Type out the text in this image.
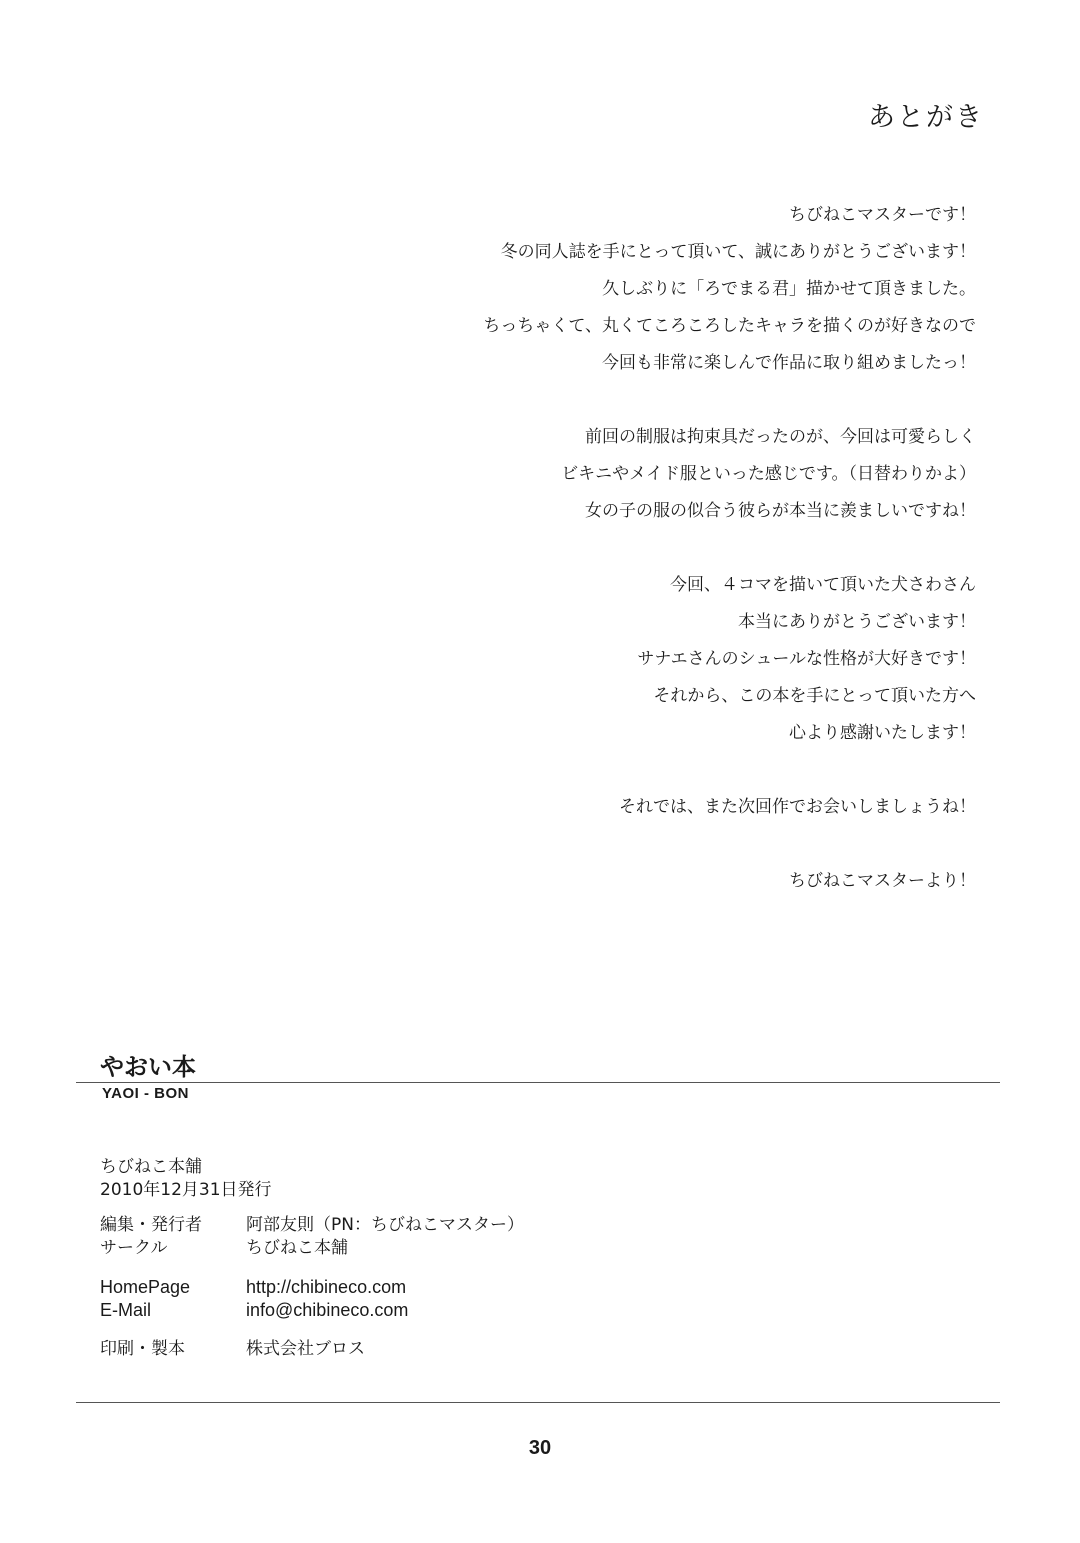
あとがき
ちびねこマスターです！
冬の同人誌を手にとって頂いて、誠にありがとうございます！
久しぶりに「ろでまる君」描かせて頂きました。
ちっちゃくて、丸くてころころしたキャラを描くのが好きなので
今回も非常に楽しんで作品に取り組めましたっ！
前回の制服は拘束具だったのが、今回は可愛らしく
ビキニやメイド服といった感じです。（日替わりかよ）
女の子の服の似合う彼らが本当に羨ましいですね！
今回、４コマを描いて頂いた犬さわさん
本当にありがとうございます！
サナエさんのシュールな性格が大好きです！
それから、この本を手にとって頂いた方へ
心より感謝いたします！
それでは、また次回作でお会いしましょうね！
ちびねこマスターより！
やおい本
YAOI - BON
ちびねこ本舗
2010年12月31日発行
編集・発行者	阿部友則（PN：ちびねこマスター）
サークル	ちびねこ本舗
HomePage	http://chibineco.com
E-Mail	info@chibineco.com
印刷・製本	株式会社ブロス
30
